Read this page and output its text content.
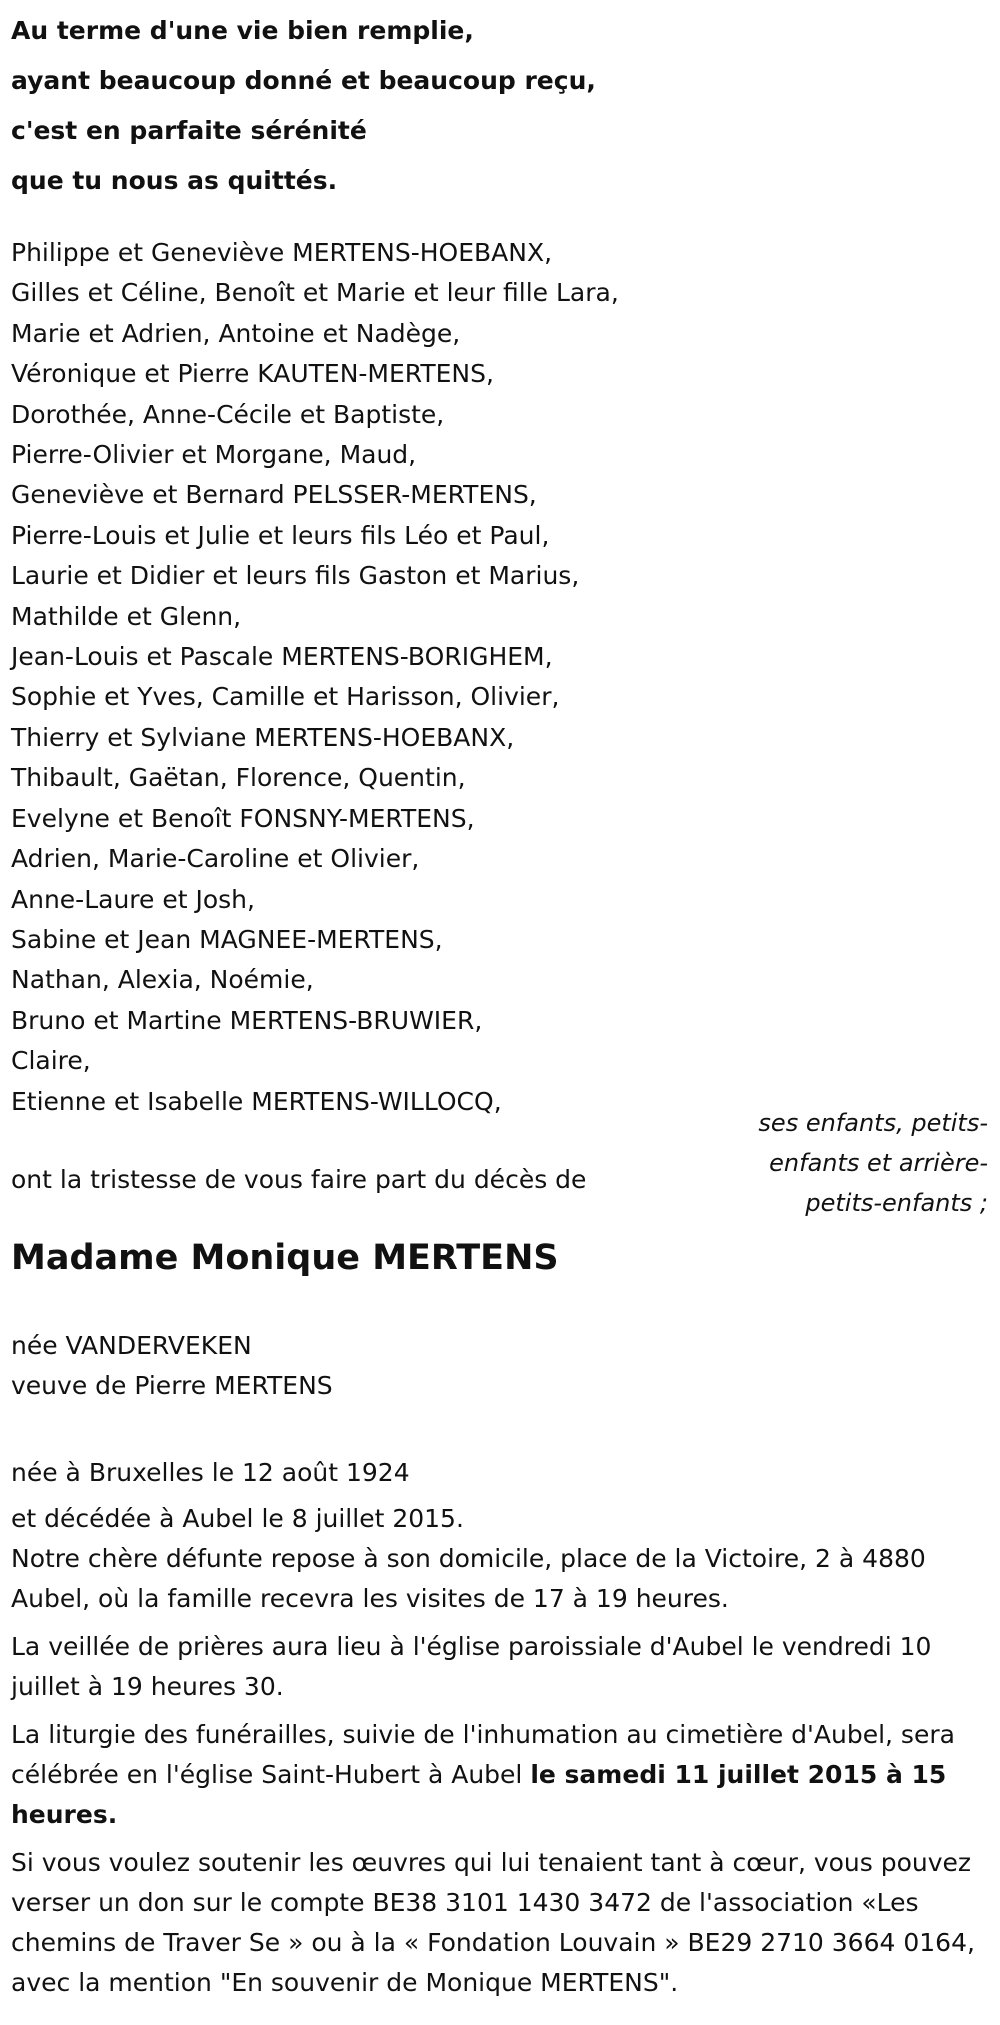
Au terme d'une vie bien remplie,
ayant beaucoup donné et beaucoup reçu,
c'est en parfaite sérénité
que tu nous as quittés.
Philippe et Geneviève MERTENS-HOEBANX,
Gilles et Céline, Benoît et Marie et leur fille Lara,
Marie et Adrien, Antoine et Nadège,
Véronique et Pierre KAUTEN-MERTENS,
Dorothée, Anne-Cécile et Baptiste,
Pierre-Olivier et Morgane, Maud,
Geneviève et Bernard PELSSER-MERTENS,
Pierre-Louis et Julie et leurs fils Léo et Paul,
Laurie et Didier et leurs fils Gaston et Marius,
Mathilde et Glenn,
Jean-Louis et Pascale MERTENS-BORIGHEM,
Sophie et Yves, Camille et Harisson, Olivier,
Thierry et Sylviane MERTENS-HOEBANX,
Thibault, Gaëtan, Florence, Quentin,
Evelyne et Benoît FONSNY-MERTENS,
Adrien, Marie-Caroline et Olivier,
Anne-Laure et Josh,
Sabine et Jean MAGNEE-MERTENS,
Nathan, Alexia, Noémie,
Bruno et Martine MERTENS-BRUWIER,
Claire,
Etienne et Isabelle MERTENS-WILLOCQ,
ses enfants, petits-
enfants et arrière-
petits-enfants ;
ont la tristesse de vous faire part du décès de
Madame Monique MERTENS
née VANDERVEKEN
veuve de Pierre MERTENS
née à Bruxelles le 12 août 1924
et décédée à Aubel le 8 juillet 2015.

Notre chère défunte repose à son domicile, place de la Victoire, 2 à 4880 Aubel, où la famille recevra les visites de 17 à 19 heures.

La veillée de prières aura lieu à l'église paroissiale d'Aubel le vendredi 10 juillet à 19 heures 30.

La liturgie des funérailles, suivie de l'inhumation au cimetière d'Aubel, sera célébrée en l'église Saint-Hubert à Aubel le samedi 11 juillet 2015 à 15 heures.

Si vous voulez soutenir les œuvres qui lui tenaient tant à cœur, vous pouvez verser un don sur le compte BE38 3101 1430 3472 de l'association «Les chemins de Traver Se » ou à la « Fondation Louvain » BE29 2710 3664 0164, avec la mention "En souvenir de Monique MERTENS".
